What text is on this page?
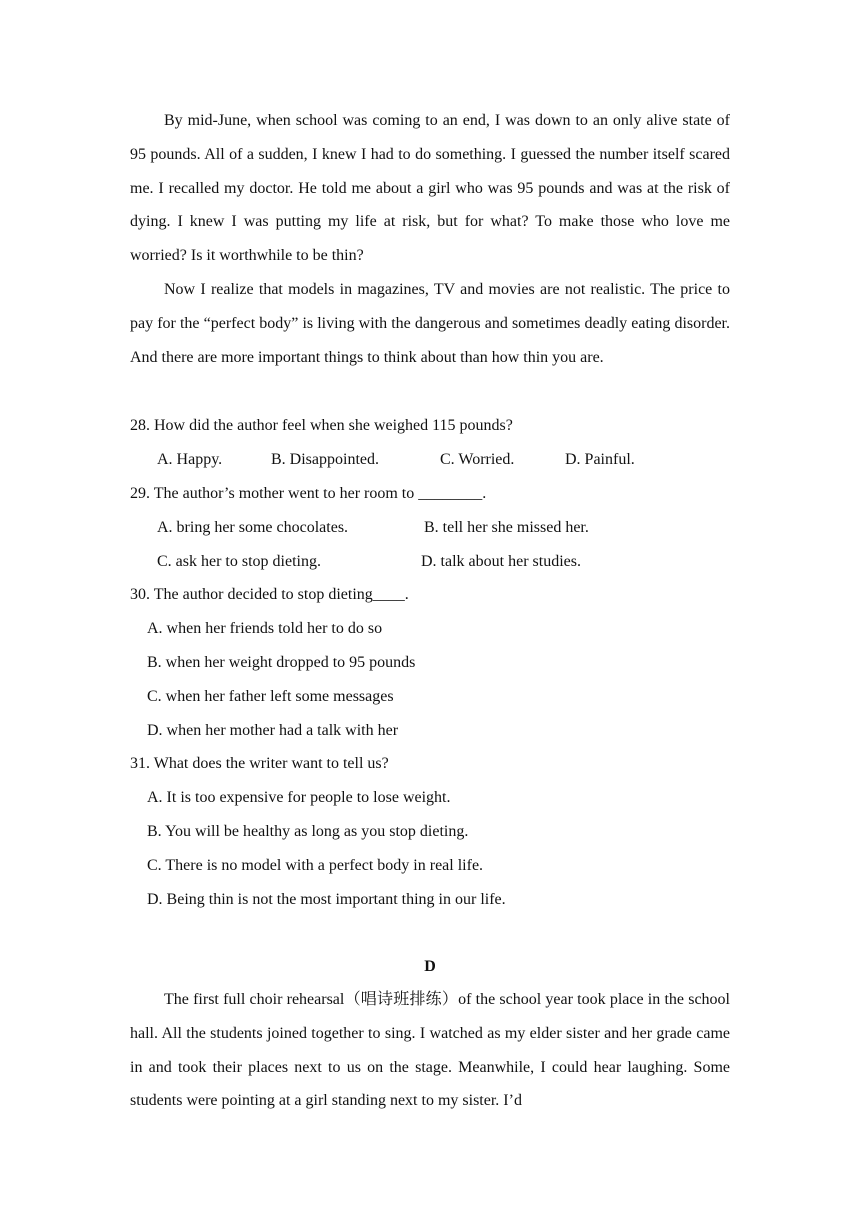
By mid-June, when school was coming to an end, I was down to an only alive state of 95 pounds. All of a sudden, I knew I had to do something. I guessed the number itself scared me. I recalled my doctor. He told me about a girl who was 95 pounds and was at the risk of dying. I knew I was putting my life at risk, but for what? To make those who love me worried? Is it worthwhile to be thin?

Now I realize that models in magazines, TV and movies are not realistic. The price to pay for the “perfect body” is living with the dangerous and sometimes deadly eating disorder. And there are more important things to think about than how thin you are.

28. How did the author feel when she weighed 115 pounds?

A. Happy.	B. Disappointed.	C. Worried.	D. Painful.

29. The author’s mother went to her room to ________.

A. bring her some chocolates.	B. tell her she missed her.

C. ask her to stop dieting.	D. talk about her studies.

30. The author decided to stop dieting____.

A. when her friends told her to do so

B. when her weight dropped to 95 pounds

C. when her father left some messages

D. when her mother had a talk with her

31. What does the writer want to tell us?

A. It is too expensive for people to lose weight.

B. You will be healthy as long as you stop dieting.

C. There is no model with a perfect body in real life.

D. Being thin is not the most important thing in our life.

D

The first full choir rehearsal（唱诗班排练）of the school year took place in the school hall. All the students joined together to sing. I watched as my elder sister and her grade came in and took their places next to us on the stage. Meanwhile, I could hear laughing. Some students were pointing at a girl standing next to my sister. I’d
